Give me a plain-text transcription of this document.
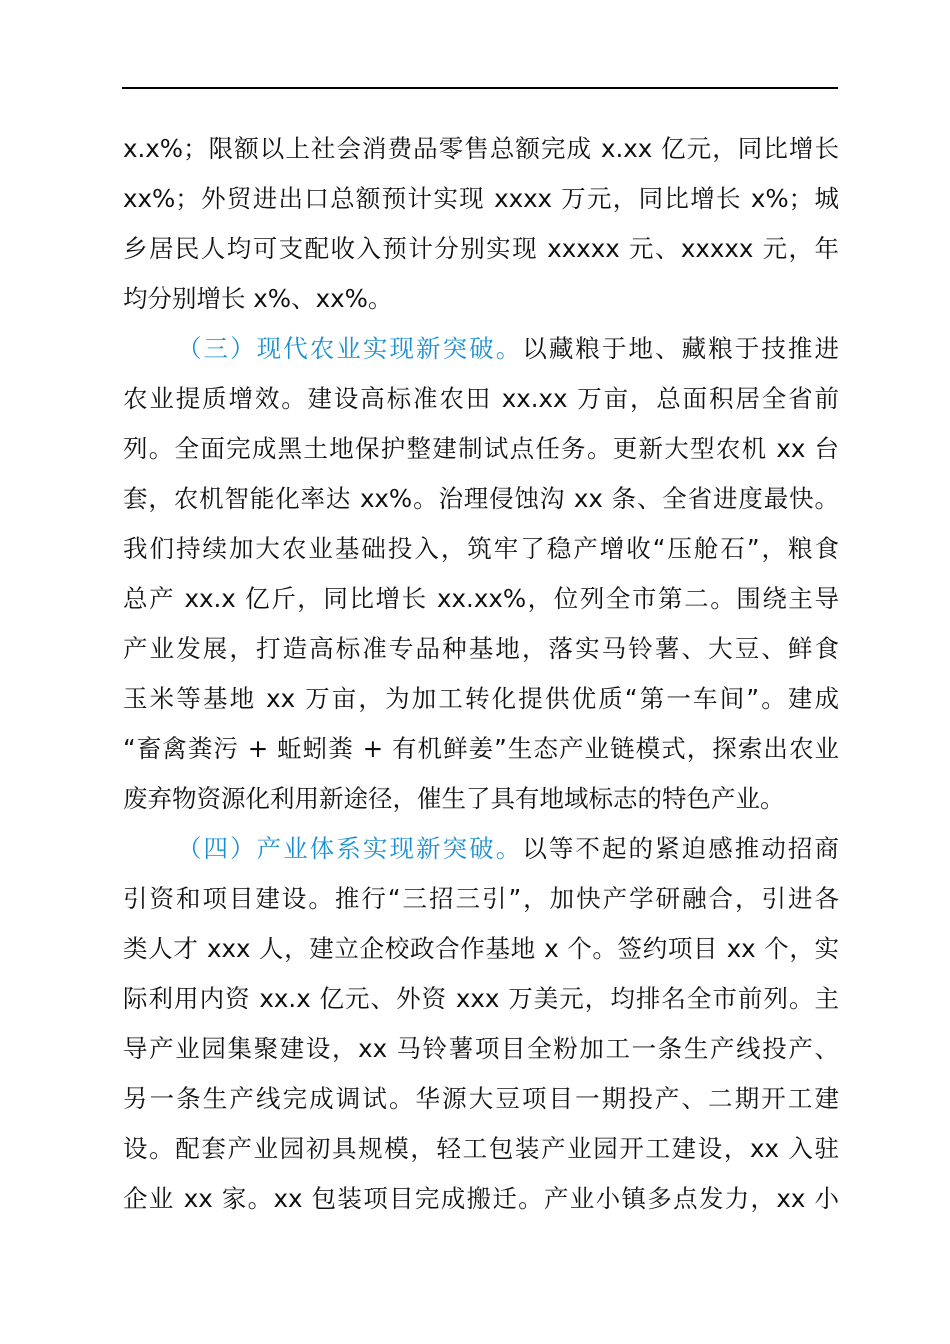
x.x%；限额以上社会消费品零售总额完成 x.xx 亿元，同比增长
xx%；外贸进出口总额预计实现 xxxx 万元，同比增长 x%；城
乡居民人均可支配收入预计分别实现 xxxxx 元、xxxxx 元，年
均分别增长 x%、xx%。
（三）现代农业实现新突破。以藏粮于地、藏粮于技推进
农业提质增效。建设高标准农田 xx.xx 万亩，总面积居全省前
列。全面完成黑土地保护整建制试点任务。更新大型农机 xx 台
套，农机智能化率达 xx%。治理侵蚀沟 xx 条、全省进度最快。
我们持续加大农业基础投入，筑牢了稳产增收“压舱石”，粮食
总产 xx.x 亿斤，同比增长 xx.xx%，位列全市第二。围绕主导
产业发展，打造高标准专品种基地，落实马铃薯、大豆、鲜食
玉米等基地 xx 万亩，为加工转化提供优质“第一车间”。建成
“畜禽粪污 + 蚯蚓粪 + 有机鲜姜”生态产业链模式，探索出农业
废弃物资源化利用新途径，催生了具有地域标志的特色产业。
（四）产业体系实现新突破。以等不起的紧迫感推动招商
引资和项目建设。推行“三招三引”，加快产学研融合，引进各
类人才 xxx 人，建立企校政合作基地 x 个。签约项目 xx 个，实
际利用内资 xx.x 亿元、外资 xxx 万美元，均排名全市前列。主
导产业园集聚建设，xx 马铃薯项目全粉加工一条生产线投产、
另一条生产线完成调试。华源大豆项目一期投产、二期开工建
设。配套产业园初具规模，轻工包装产业园开工建设，xx 入驻
企业 xx 家。xx 包装项目完成搬迁。产业小镇多点发力，xx 小
